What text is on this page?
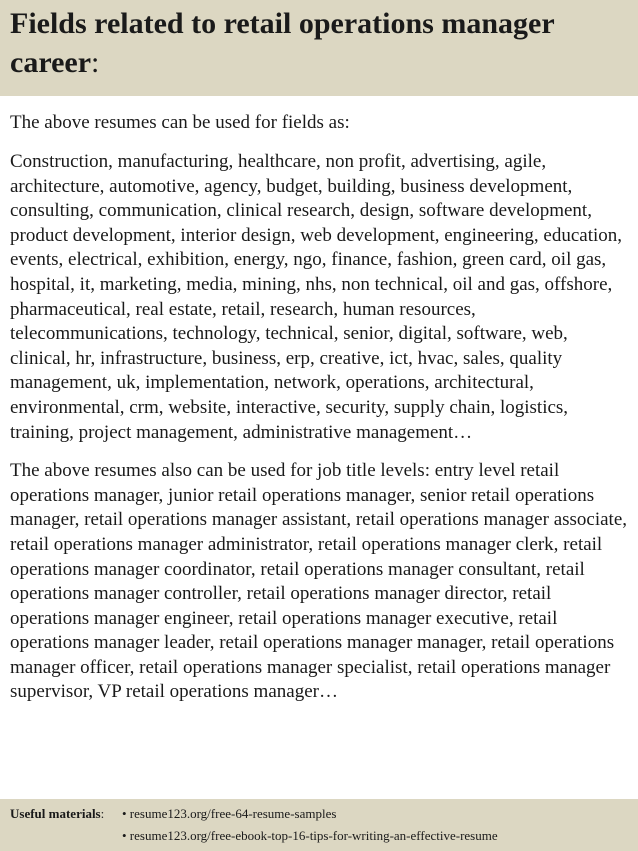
Fields related to retail operations manager career:

The above resumes can be used for fields as:

Construction, manufacturing, healthcare, non profit, advertising, agile, architecture, automotive, agency, budget, building, business development, consulting, communication, clinical research, design, software development, product development, interior design, web development, engineering, education, events, electrical, exhibition, energy, ngo, finance, fashion, green card, oil gas, hospital, it, marketing, media, mining, nhs, non technical, oil and gas, offshore, pharmaceutical, real estate, retail, research, human resources, telecommunications, technology, technical, senior, digital, software, web, clinical, hr, infrastructure, business, erp, creative, ict, hvac, sales, quality management, uk, implementation, network, operations, architectural, environmental, crm, website, interactive, security, supply chain, logistics, training, project management, administrative management…

The above resumes also can be used for job title levels: entry level retail operations manager, junior retail operations manager, senior retail operations manager, retail operations manager assistant, retail operations manager associate, retail operations manager administrator, retail operations manager clerk, retail operations manager coordinator, retail operations manager consultant, retail operations manager controller, retail operations manager director, retail operations manager engineer, retail operations manager executive, retail operations manager leader, retail operations manager manager, retail operations manager officer, retail operations manager specialist, retail operations manager supervisor, VP retail operations manager…

Useful materials:	• resume123.org/free-64-resume-samples
• resume123.org/free-ebook-top-16-tips-for-writing-an-effective-resume
